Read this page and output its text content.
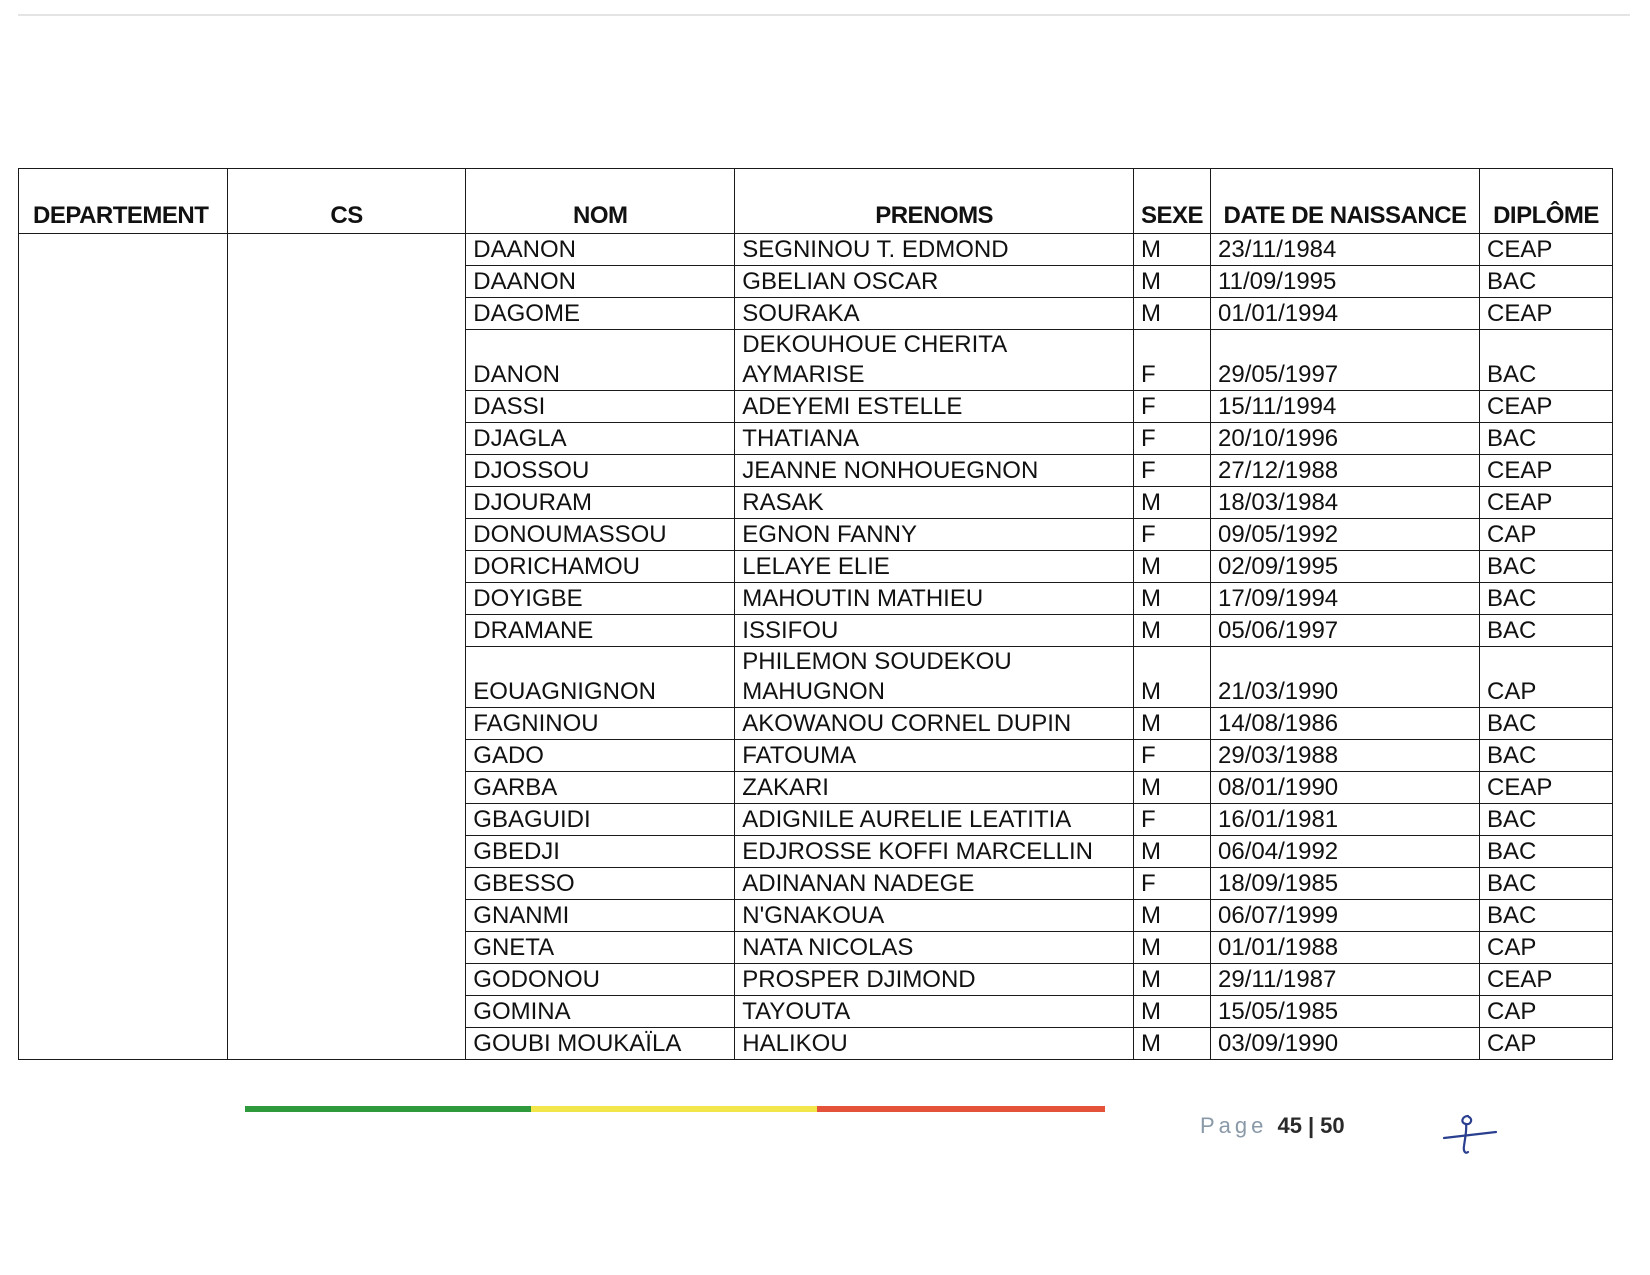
DEPARTEMENT	CS	NOM	PRENOMS	SEXE	DATE DE NAISSANCE	DIPLÔME
		DAANON	SEGNINOU T. EDMOND	M	23/11/1984	CEAP
		DAANON	GBELIAN OSCAR	M	11/09/1995	BAC
		DAGOME	SOURAKA	M	01/01/1994	CEAP
		DANON	DEKOUHOUE CHERITA AYMARISE	F	29/05/1997	BAC
		DASSI	ADEYEMI ESTELLE	F	15/11/1994	CEAP
		DJAGLA	THATIANA	F	20/10/1996	BAC
		DJOSSOU	JEANNE NONHOUEGNON	F	27/12/1988	CEAP
		DJOURAM	RASAK	M	18/03/1984	CEAP
		DONOUMASSOU	EGNON FANNY	F	09/05/1992	CAP
		DORICHAMOU	LELAYE ELIE	M	02/09/1995	BAC
		DOYIGBE	MAHOUTIN MATHIEU	M	17/09/1994	BAC
		DRAMANE	ISSIFOU	M	05/06/1997	BAC
		EOUAGNIGNON	PHILEMON SOUDEKOU MAHUGNON	M	21/03/1990	CAP
		FAGNINOU	AKOWANOU CORNEL DUPIN	M	14/08/1986	BAC
		GADO	FATOUMA	F	29/03/1988	BAC
		GARBA	ZAKARI	M	08/01/1990	CEAP
		GBAGUIDI	ADIGNILE AURELIE LEATITIA	F	16/01/1981	BAC
		GBEDJI	EDJROSSE KOFFI MARCELLIN	M	06/04/1992	BAC
		GBESSO	ADINANAN NADEGE	F	18/09/1985	BAC
		GNANMI	N'GNAKOUA	M	06/07/1999	BAC
		GNETA	NATA NICOLAS	M	01/01/1988	CAP
		GODONOU	PROSPER DJIMOND	M	29/11/1987	CEAP
		GOMINA	TAYOUTA	M	15/05/1985	CAP
		GOUBI MOUKAÏLA	HALIKOU	M	03/09/1990	CAP
Page 45 | 50
